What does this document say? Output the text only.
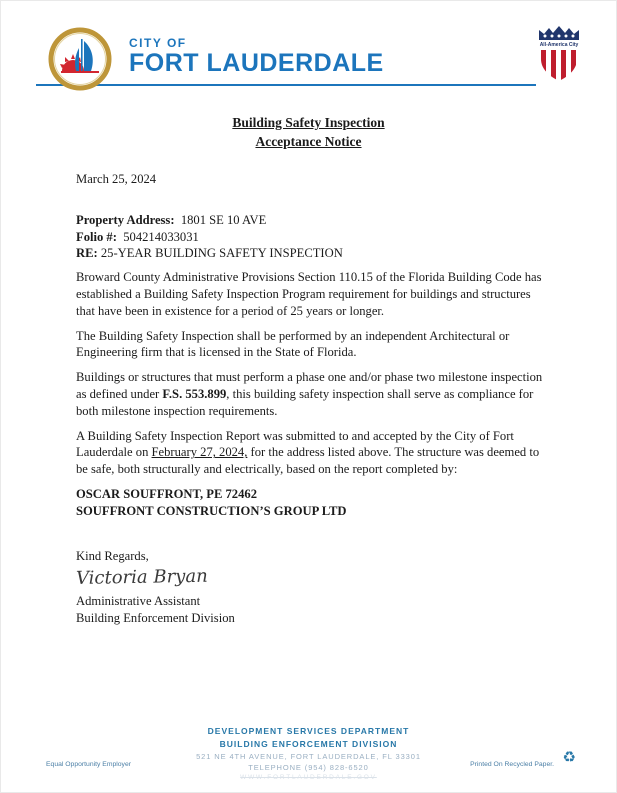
CITY OF
FORT LAUDERDALE
All-America City
Building Safety Inspection
Acceptance Notice

March 25, 2024

Property Address: 1801 SE 10 AVE
Folio #: 504214033031
RE: 25-YEAR BUILDING SAFETY INSPECTION

Broward County Administrative Provisions Section 110.15 of the Florida Building Code has established a Building Safety Inspection Program requirement for buildings and structures that have been in existence for a period of 25 years or longer.

The Building Safety Inspection shall be performed by an independent Architectural or Engineering firm that is licensed in the State of Florida.

Buildings or structures that must perform a phase one and/or phase two milestone inspection as defined under F.S. 553.899, this building safety inspection shall serve as compliance for both milestone inspection requirements.

A Building Safety Inspection Report was submitted to and accepted by the City of Fort Lauderdale on February 27, 2024, for the address listed above. The structure was deemed to be safe, both structurally and electrically, based on the report completed by:

OSCAR SOUFFRONT, PE 72462
SOUFFRONT CONSTRUCTION’S GROUP LTD

Kind Regards,

Victoria Bryan
Administrative Assistant
Building Enforcement Division
DEVELOPMENT SERVICES DEPARTMENT
BUILDING ENFORCEMENT DIVISION
521 NE 4TH AVENUE, FORT LAUDERDALE, FL 33301
TELEPHONE (954) 828-6520
WWW.FORTLAUDERDALE.GOV
Equal Opportunity Employer	Printed On Recycled Paper. ♻
